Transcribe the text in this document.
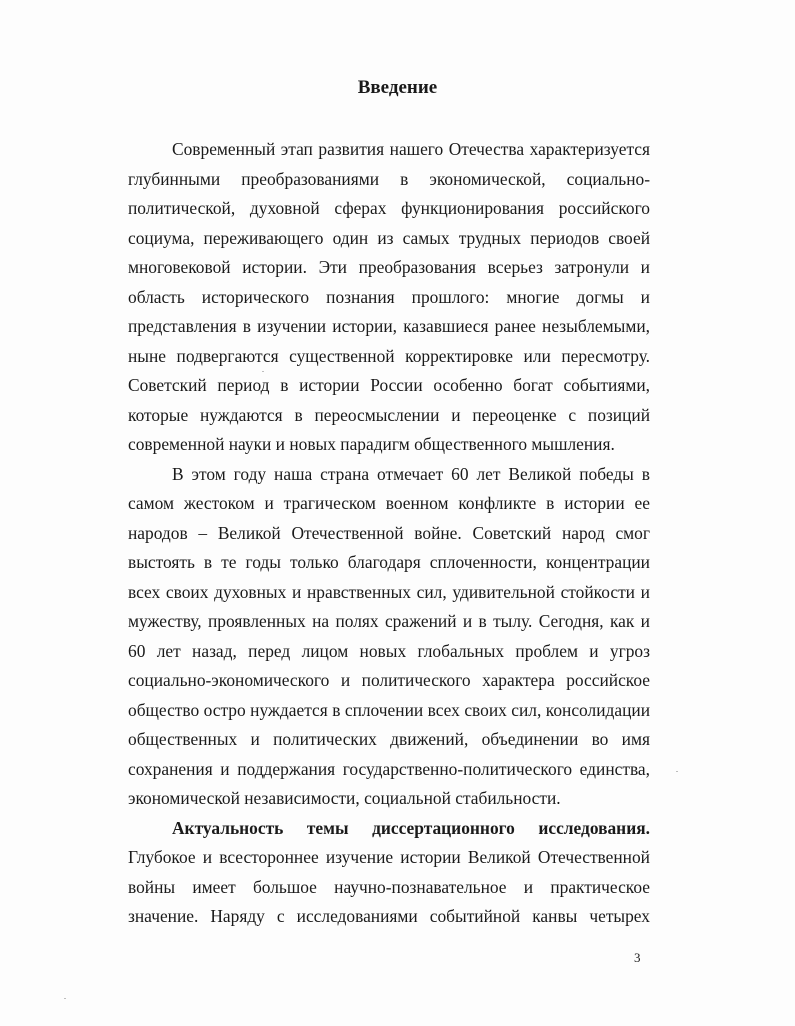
Введение

Современный этап развития нашего Отечества характеризуется глубинными преобразованиями в экономической, социально-политической, духовной сферах функционирования российского социума, переживающего один из самых трудных периодов своей многовековой истории. Эти преобразования всерьез затронули и область исторического познания прошлого: многие догмы и представления в изучении истории, казавшиеся ранее незыблемыми, ныне подвергаются существенной корректировке или пересмотру. Советский период в истории России особенно богат событиями, которые нуждаются в переосмыслении и переоценке с позиций современной науки и новых парадигм общественного мышления.

В этом году наша страна отмечает 60 лет Великой победы в самом жестоком и трагическом военном конфликте в истории ее народов – Великой Отечественной войне. Советский народ смог выстоять в те годы только благодаря сплоченности, концентрации всех своих духовных и нравственных сил, удивительной стойкости и мужеству, проявленных на полях сражений и в тылу. Сегодня, как и 60 лет назад, перед лицом новых глобальных проблем и угроз социально-экономического и политического характера российское общество остро нуждается в сплочении всех своих сил, консолидации общественных и политических движений, объединении во имя сохранения и поддержания государственно-политического единства, экономической независимости, социальной стабильности.

Актуальность темы диссертационного исследования. Глубокое и всестороннее изучение истории Великой Отечественной войны имеет большое научно-познавательное и практическое значение. Наряду с исследованиями событийной канвы четырех

3
